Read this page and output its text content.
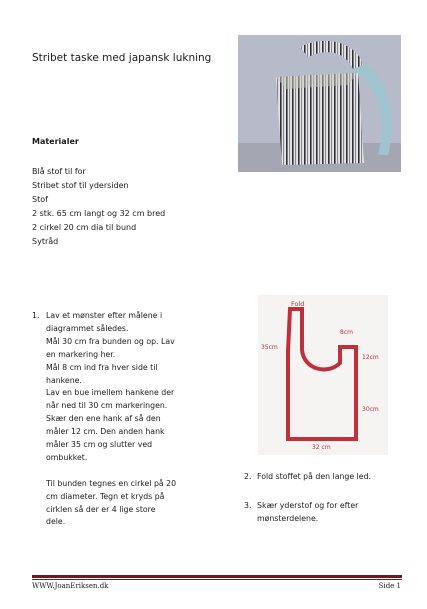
Stribet taske med japansk lukning
Materialer
Blå stof til for
Stribet stof til ydersiden
Stof
2 stk. 65 cm langt og 32 cm bred
2 cirkel 20 cm dia til bund
Sytråd
1. Lav et mønster efter målene i
diagrammet således.
Mål 30 cm fra bunden og op. Lav
en markering her.
Mål 8 cm ind fra hver side til
hankene.
Lav en bue imellem hankene der
når ned til 30 cm markeringen.
Skær den ene hank af så den
måler 12 cm. Den anden hank
måler 35 cm og slutter ved
ombukket.
Til bunden tegnes en cirkel på 20
cm diameter. Tegn et kryds på
cirklen så der er 4 lige store
dele.
Fold
8cm
35cm
12cm
30cm
32 cm
2. Fold stoffet på den lange led.
3. Skær yderstof og for efter
mønsterdelene.
WWW.JoanEriksen.dk	Side 1
